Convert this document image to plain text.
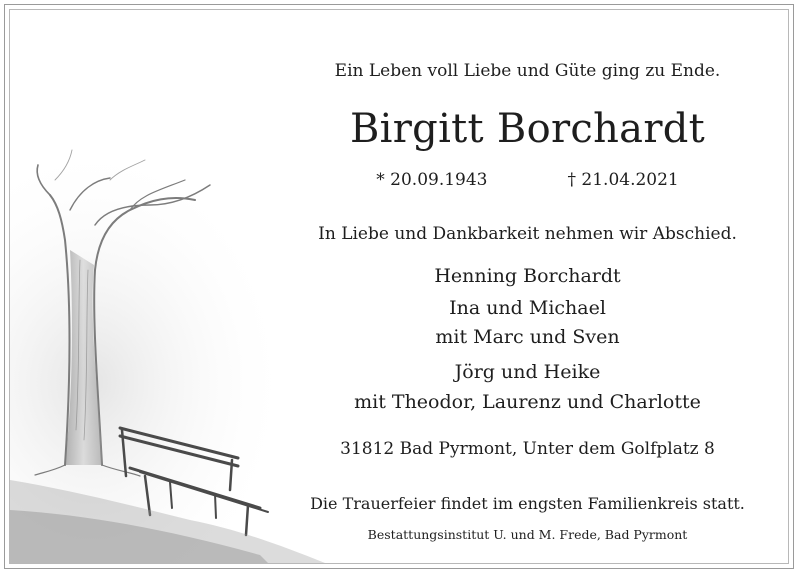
Ein Leben voll Liebe und Güte ging zu Ende.
Birgitt Borchardt
* 20.09.1943	† 21.04.2021
In Liebe und Dankbarkeit nehmen wir Abschied.
Henning Borchardt
Ina und Michael
mit Marc und Sven
Jörg und Heike
mit Theodor, Laurenz und Charlotte
31812 Bad Pyrmont, Unter dem Golfplatz 8
Die Trauerfeier findet im engsten Familienkreis statt.
Bestattungsinstitut U. und M. Frede, Bad Pyrmont
